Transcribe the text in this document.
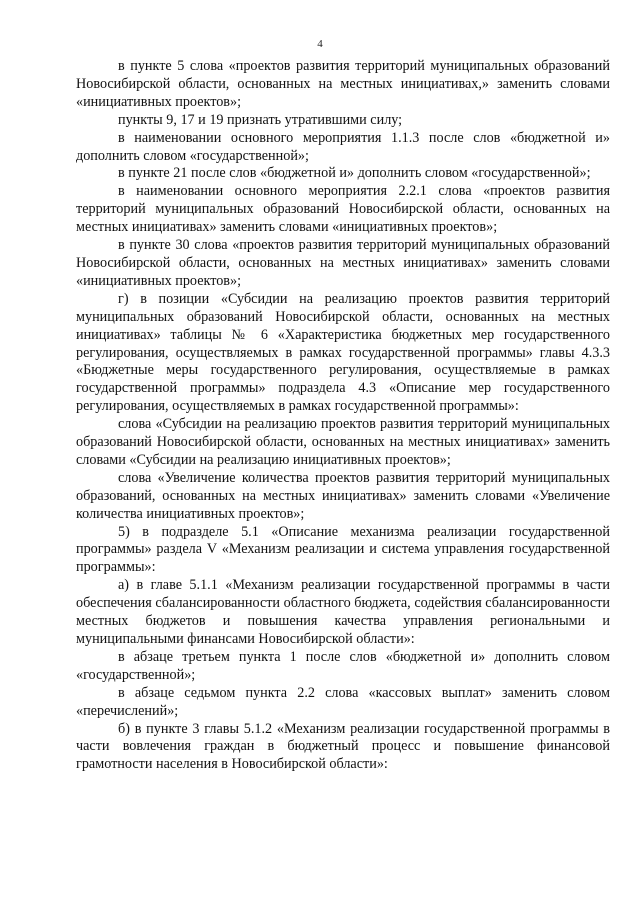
4

в пункте 5 слова «проектов развития территорий муниципальных образований Новосибирской области, основанных на местных инициативах,» заменить словами «инициативных проектов»;

пункты 9, 17 и 19 признать утратившими силу;

в наименовании основного мероприятия 1.1.3 после слов «бюджетной и» дополнить словом «государственной»;

в пункте 21 после слов «бюджетной и» дополнить словом «государственной»;

в наименовании основного мероприятия 2.2.1 слова «проектов развития территорий муниципальных образований Новосибирской области, основанных на местных инициативах» заменить словами «инициативных проектов»;

в пункте 30 слова «проектов развития территорий муниципальных образований Новосибирской области, основанных на местных инициативах» заменить словами «инициативных проектов»;

г) в позиции «Субсидии на реализацию проектов развития территорий муниципальных образований Новосибирской области, основанных на местных инициативах» таблицы № 6 «Характеристика бюджетных мер государственного регулирования, осуществляемых в рамках государственной программы» главы 4.3.3 «Бюджетные меры государственного регулирования, осуществляемые в рамках государственной программы» подраздела 4.3 «Описание мер государственного регулирования, осуществляемых в рамках государственной программы»:

слова «Субсидии на реализацию проектов развития территорий муниципальных образований Новосибирской области, основанных на местных инициативах» заменить словами «Субсидии на реализацию инициативных проектов»;

слова «Увеличение количества проектов развития территорий муниципальных образований, основанных на местных инициативах» заменить словами «Увеличение количества инициативных проектов»;

5) в подразделе 5.1 «Описание механизма реализации государственной программы» раздела V «Механизм реализации и система управления государственной программы»:

а) в главе 5.1.1 «Механизм реализации государственной программы в части обеспечения сбалансированности областного бюджета, содействия сбалансированности местных бюджетов и повышения качества управления региональными и муниципальными финансами Новосибирской области»:

в абзаце третьем пункта 1 после слов «бюджетной и» дополнить словом «государственной»;

в абзаце седьмом пункта 2.2 слова «кассовых выплат» заменить словом «перечислений»;

б) в пункте 3 главы 5.1.2 «Механизм реализации государственной программы в части вовлечения граждан в бюджетный процесс и повышение финансовой грамотности населения в Новосибирской области»:
